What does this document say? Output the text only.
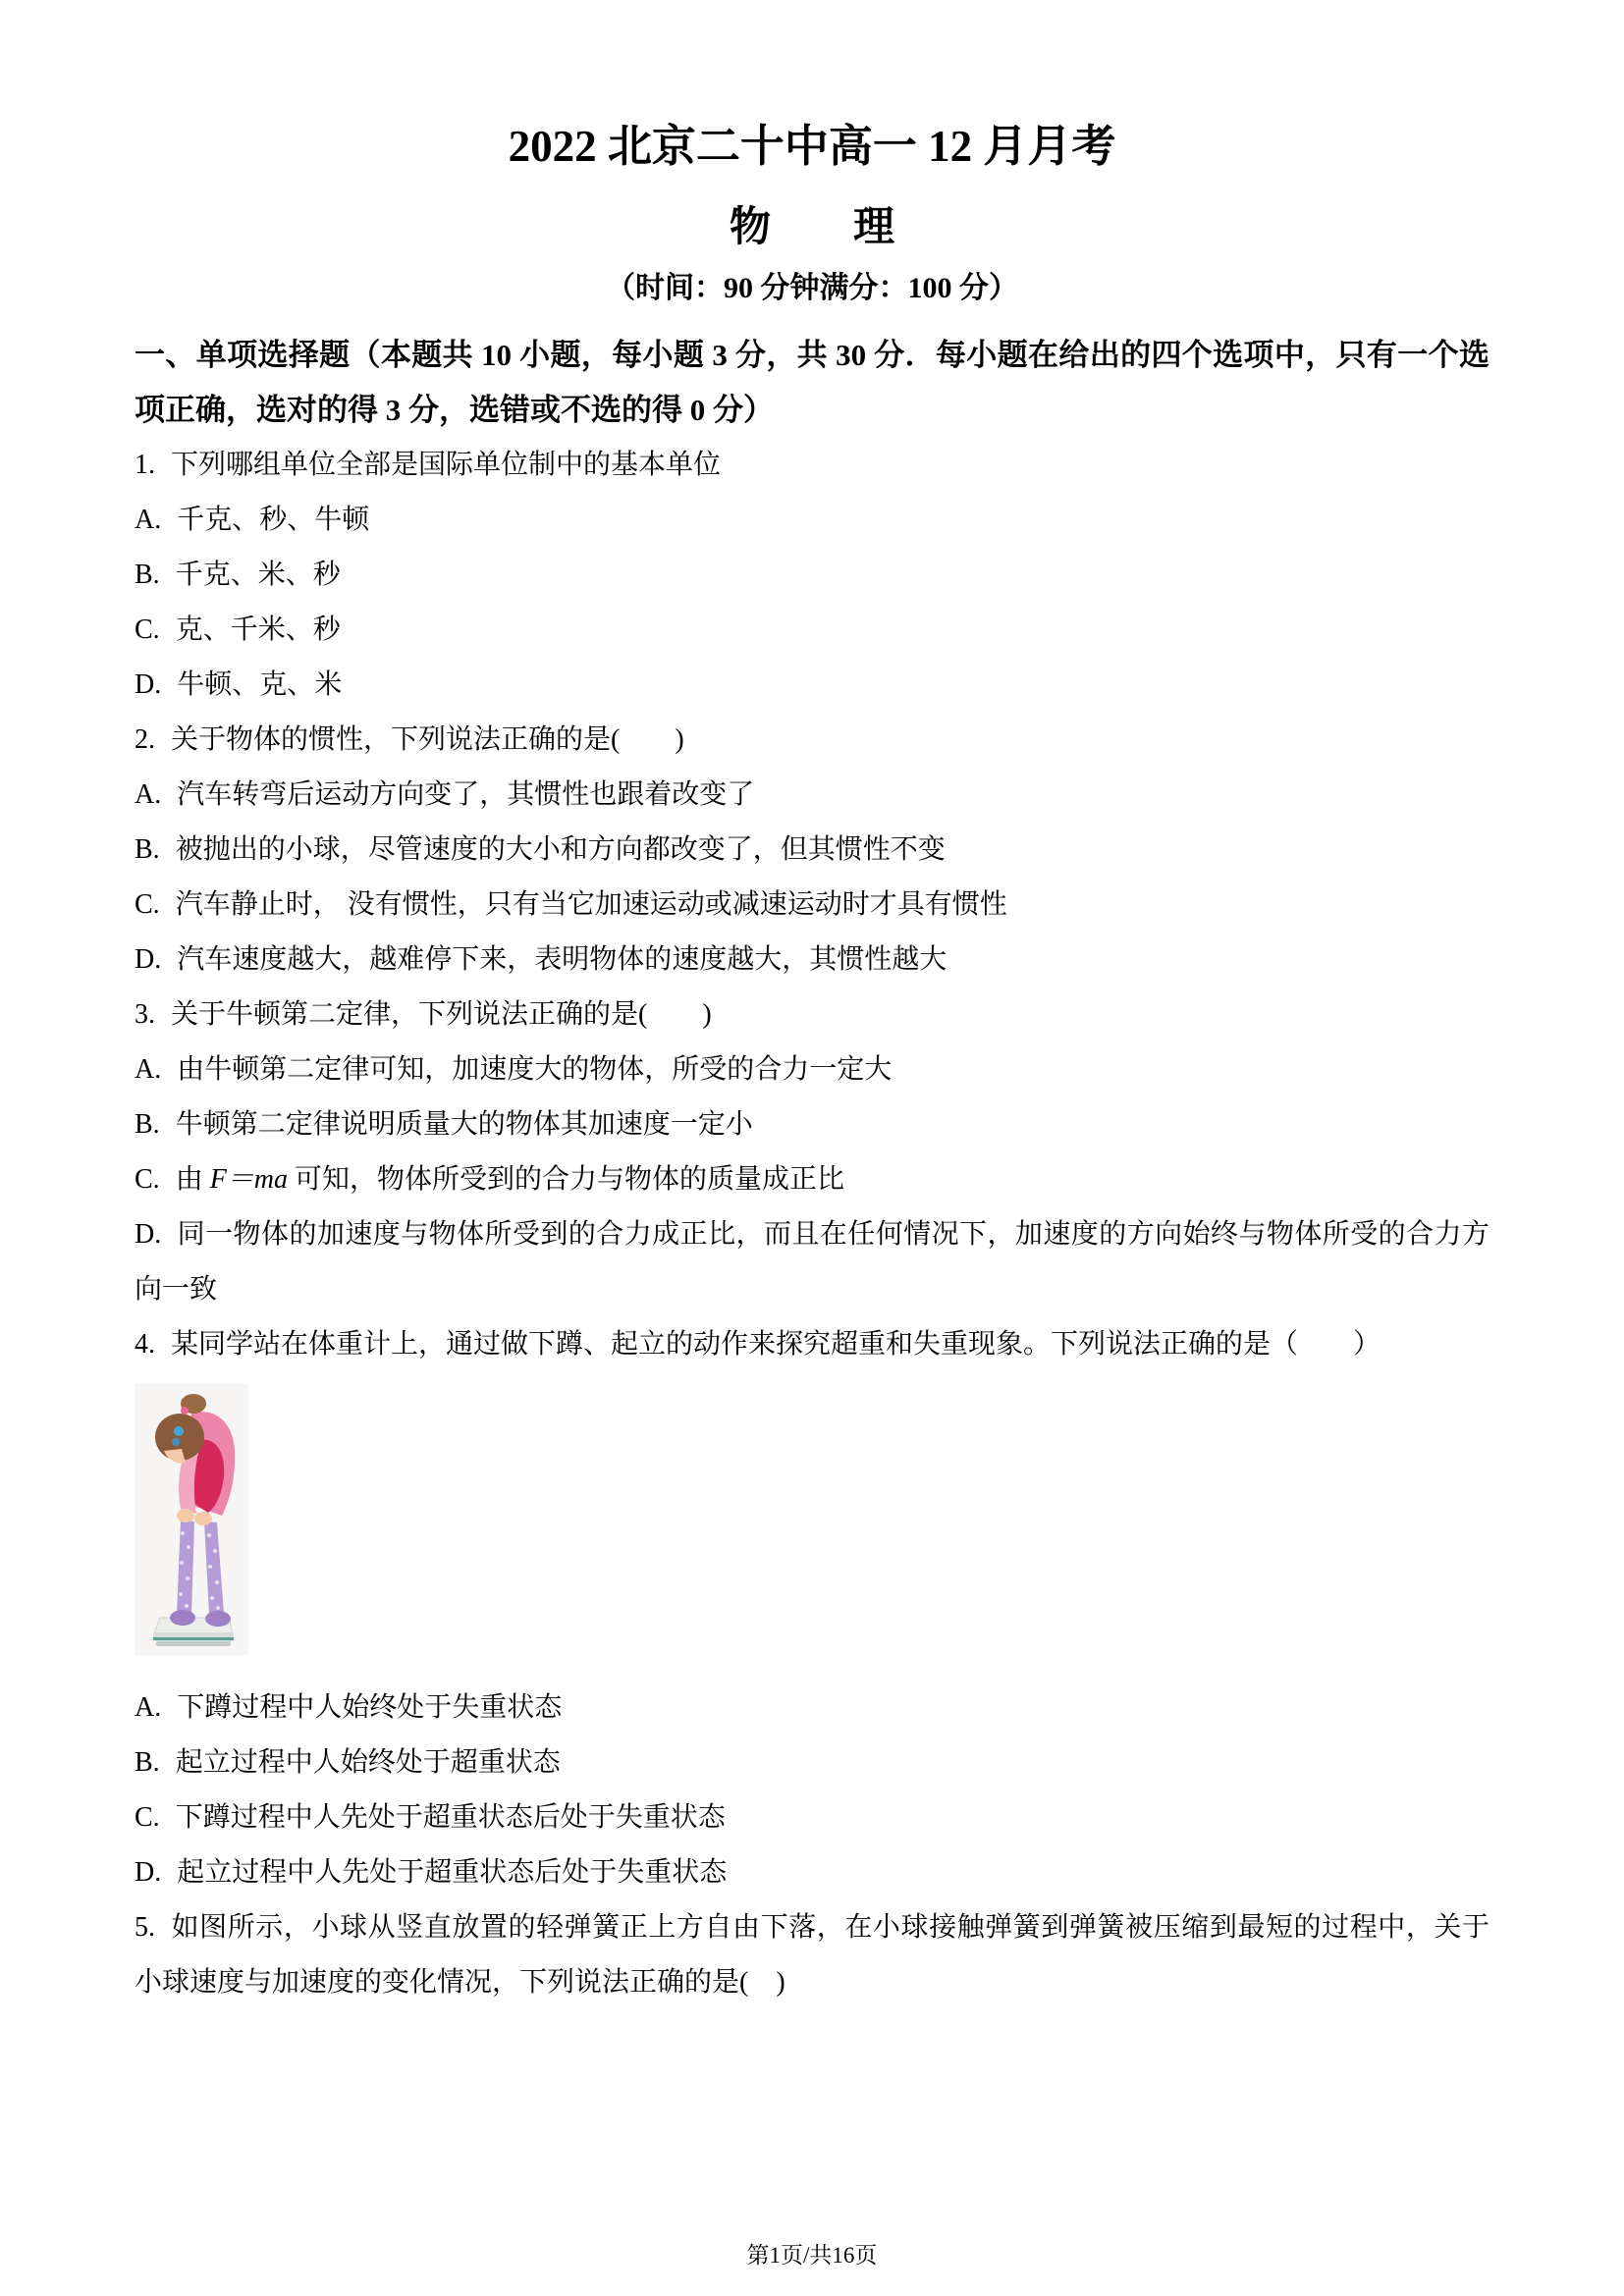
2022 北京二十中高一 12 月月考
物　　理
（时间：90 分钟满分：100 分）

一、单项选择题（本题共 10 小题，每小题 3 分，共 30 分．每小题在给出的四个选项中，只有一个选项正确，选对的得 3 分，选错或不选的得 0 分）

1. 下列哪组单位全部是国际单位制中的基本单位

A. 千克、秒、牛顿

B. 千克、米、秒

C. 克、千米、秒

D. 牛顿、克、米

2. 关于物体的惯性，下列说法正确的是(　　)

A. 汽车转弯后运动方向变了，其惯性也跟着改变了

B. 被抛出的小球，尽管速度的大小和方向都改变了，但其惯性不变

C. 汽车静止时， 没有惯性，只有当它加速运动或减速运动时才具有惯性

D. 汽车速度越大，越难停下来，表明物体的速度越大，其惯性越大

3. 关于牛顿第二定律，下列说法正确的是(　　)

A. 由牛顿第二定律可知，加速度大的物体，所受的合力一定大

B. 牛顿第二定律说明质量大的物体其加速度一定小

C. 由 F＝ma 可知，物体所受到的合力与物体的质量成正比

D. 同一物体的加速度与物体所受到的合力成正比，而且在任何情况下，加速度的方向始终与物体所受的合力方向一致

4. 某同学站在体重计上，通过做下蹲、起立的动作来探究超重和失重现象。下列说法正确的是（　　）

A. 下蹲过程中人始终处于失重状态

B. 起立过程中人始终处于超重状态

C. 下蹲过程中人先处于超重状态后处于失重状态

D. 起立过程中人先处于超重状态后处于失重状态

5. 如图所示，小球从竖直放置的轻弹簧正上方自由下落，在小球接触弹簧到弹簧被压缩到最短的过程中，关于小球速度与加速度的变化情况，下列说法正确的是(　)

第1页/共16页
